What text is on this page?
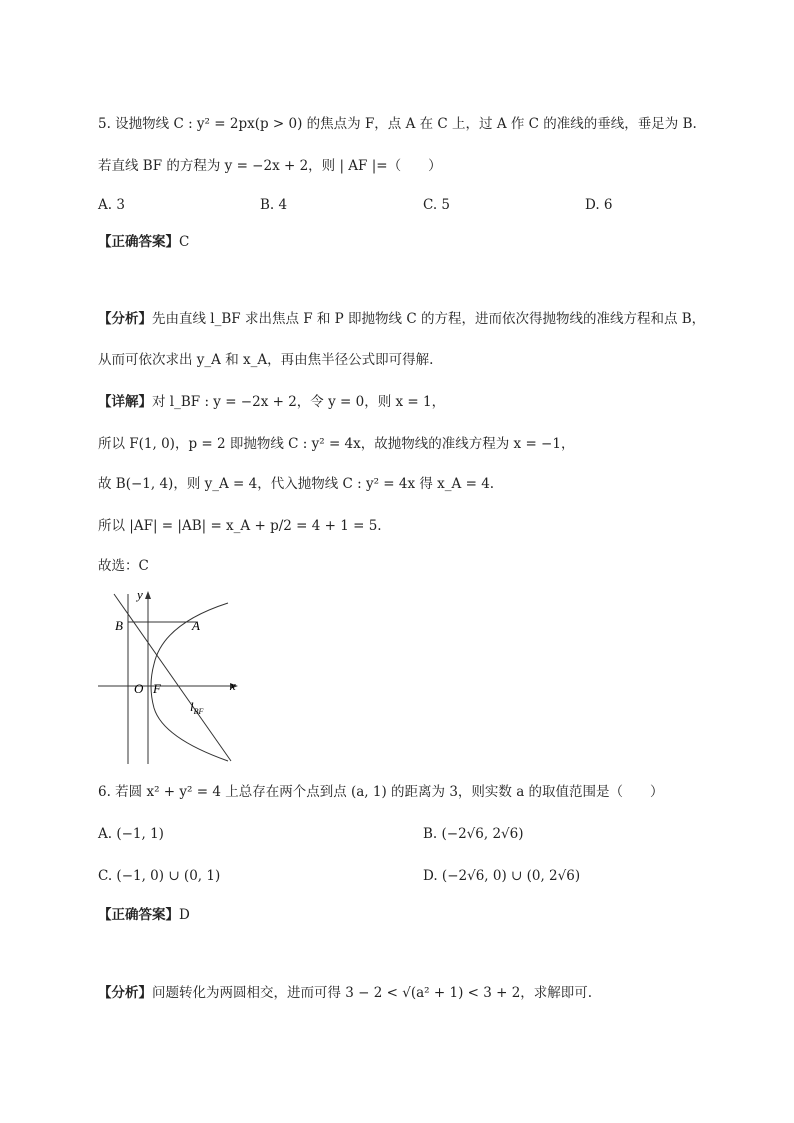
5. 设抛物线 C : y² = 2px(p > 0) 的焦点为 F，点 A 在 C 上，过 A 作 C 的准线的垂线，垂足为 B.
若直线 BF 的方程为 y = −2x + 2，则 | AF |=（　　）
A. 3	B. 4	C. 5	D. 6
【正确答案】C
【分析】先由直线 l_BF 求出焦点 F 和 P 即抛物线 C 的方程，进而依次得抛物线的准线方程和点 B，
从而可依次求出 y_A 和 x_A，再由焦半径公式即可得解.
【详解】对 l_BF : y = −2x + 2，令 y = 0，则 x = 1，
所以 F(1, 0)，p = 2 即抛物线 C : y² = 4x，故抛物线的准线方程为 x = −1，
故 B(−1, 4)，则 y_A = 4，代入抛物线 C : y² = 4x 得 x_A = 4.
所以 |AF| = |AB| = x_A + p/2 = 4 + 1 = 5.
故选：C
y
x
B	A
O F
$l_{BF}$
6. 若圆 x² + y² = 4 上总存在两个点到点 (a, 1) 的距离为 3，则实数 a 的取值范围是（　　）
A. (−1, 1)	B. (−2√6, 2√6)
C. (−1, 0) ∪ (0, 1)	D. (−2√6, 0) ∪ (0, 2√6)
【正确答案】D
【分析】问题转化为两圆相交，进而可得 3 − 2 < √(a² + 1) < 3 + 2，求解即可.
